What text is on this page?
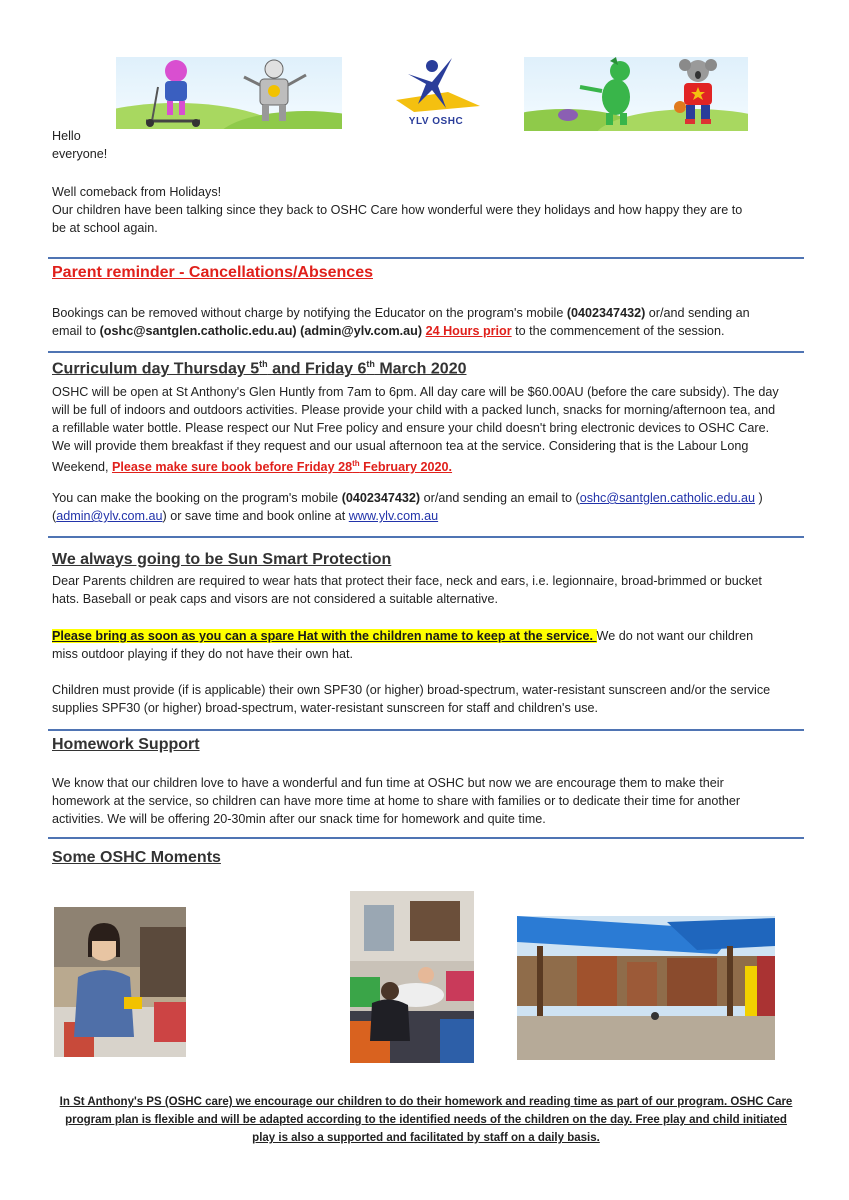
YLV OSHC
Hello
everyone!
Well comeback from Holidays!
Our children have been talking since they back to OSHC Care how wonderful were they holidays and how happy they are to
be at school again.
Parent reminder - Cancellations/Absences
Bookings can be removed without charge by notifying the Educator on the program's mobile (0402347432) or/and sending an
email to (oshc@santglen.catholic.edu.au) (admin@ylv.com.au) 24 Hours prior to the commencement of the session.
Curriculum day Thursday 5th and Friday 6th March 2020
OSHC will be open at St Anthony's Glen Huntly from 7am to 6pm. All day care will be $60.00AU (before the care subsidy). The day
will be full of indoors and outdoors activities. Please provide your child with a packed lunch, snacks for morning/afternoon tea, and
a refillable water bottle. Please respect our Nut Free policy and ensure your child doesn't bring electronic devices to OSHC Care.
We will provide them breakfast if they request and our usual afternoon tea at the service. Considering that is the Labour Long
Weekend, Please make sure book before Friday 28th February 2020.
You can make the booking on the program's mobile (0402347432) or/and sending an email to (oshc@santglen.catholic.edu.au )
(admin@ylv.com.au) or save time and book online at www.ylv.com.au
We always going to be Sun Smart Protection
Dear Parents children are required to wear hats that protect their face, neck and ears, i.e. legionnaire, broad-brimmed or bucket
hats. Baseball or peak caps and visors are not considered a suitable alternative.
Please bring as soon as you can a spare Hat with the children name to keep at the service. We do not want our children
miss outdoor playing if they do not have their own hat.
Children must provide (if is applicable) their own SPF30 (or higher) broad-spectrum, water-resistant sunscreen and/or the service
supplies SPF30 (or higher) broad-spectrum, water-resistant sunscreen for staff and children's use.
Homework Support
We know that our children love to have a wonderful and fun time at OSHC but now we are encourage them to make their
homework at the service, so children can have more time at home to share with families or to dedicate their time for another
activities. We will be offering 20-30min after our snack time for homework and quite time.
Some OSHC Moments
In St Anthony's PS (OSHC care) we encourage our children to do their homework and reading time as part of our program. OSHC Care
program plan is flexible and will be adapted according to the identified needs of the children on the day. Free play and child initiated
play is also a supported and facilitated by staff on a daily basis.
